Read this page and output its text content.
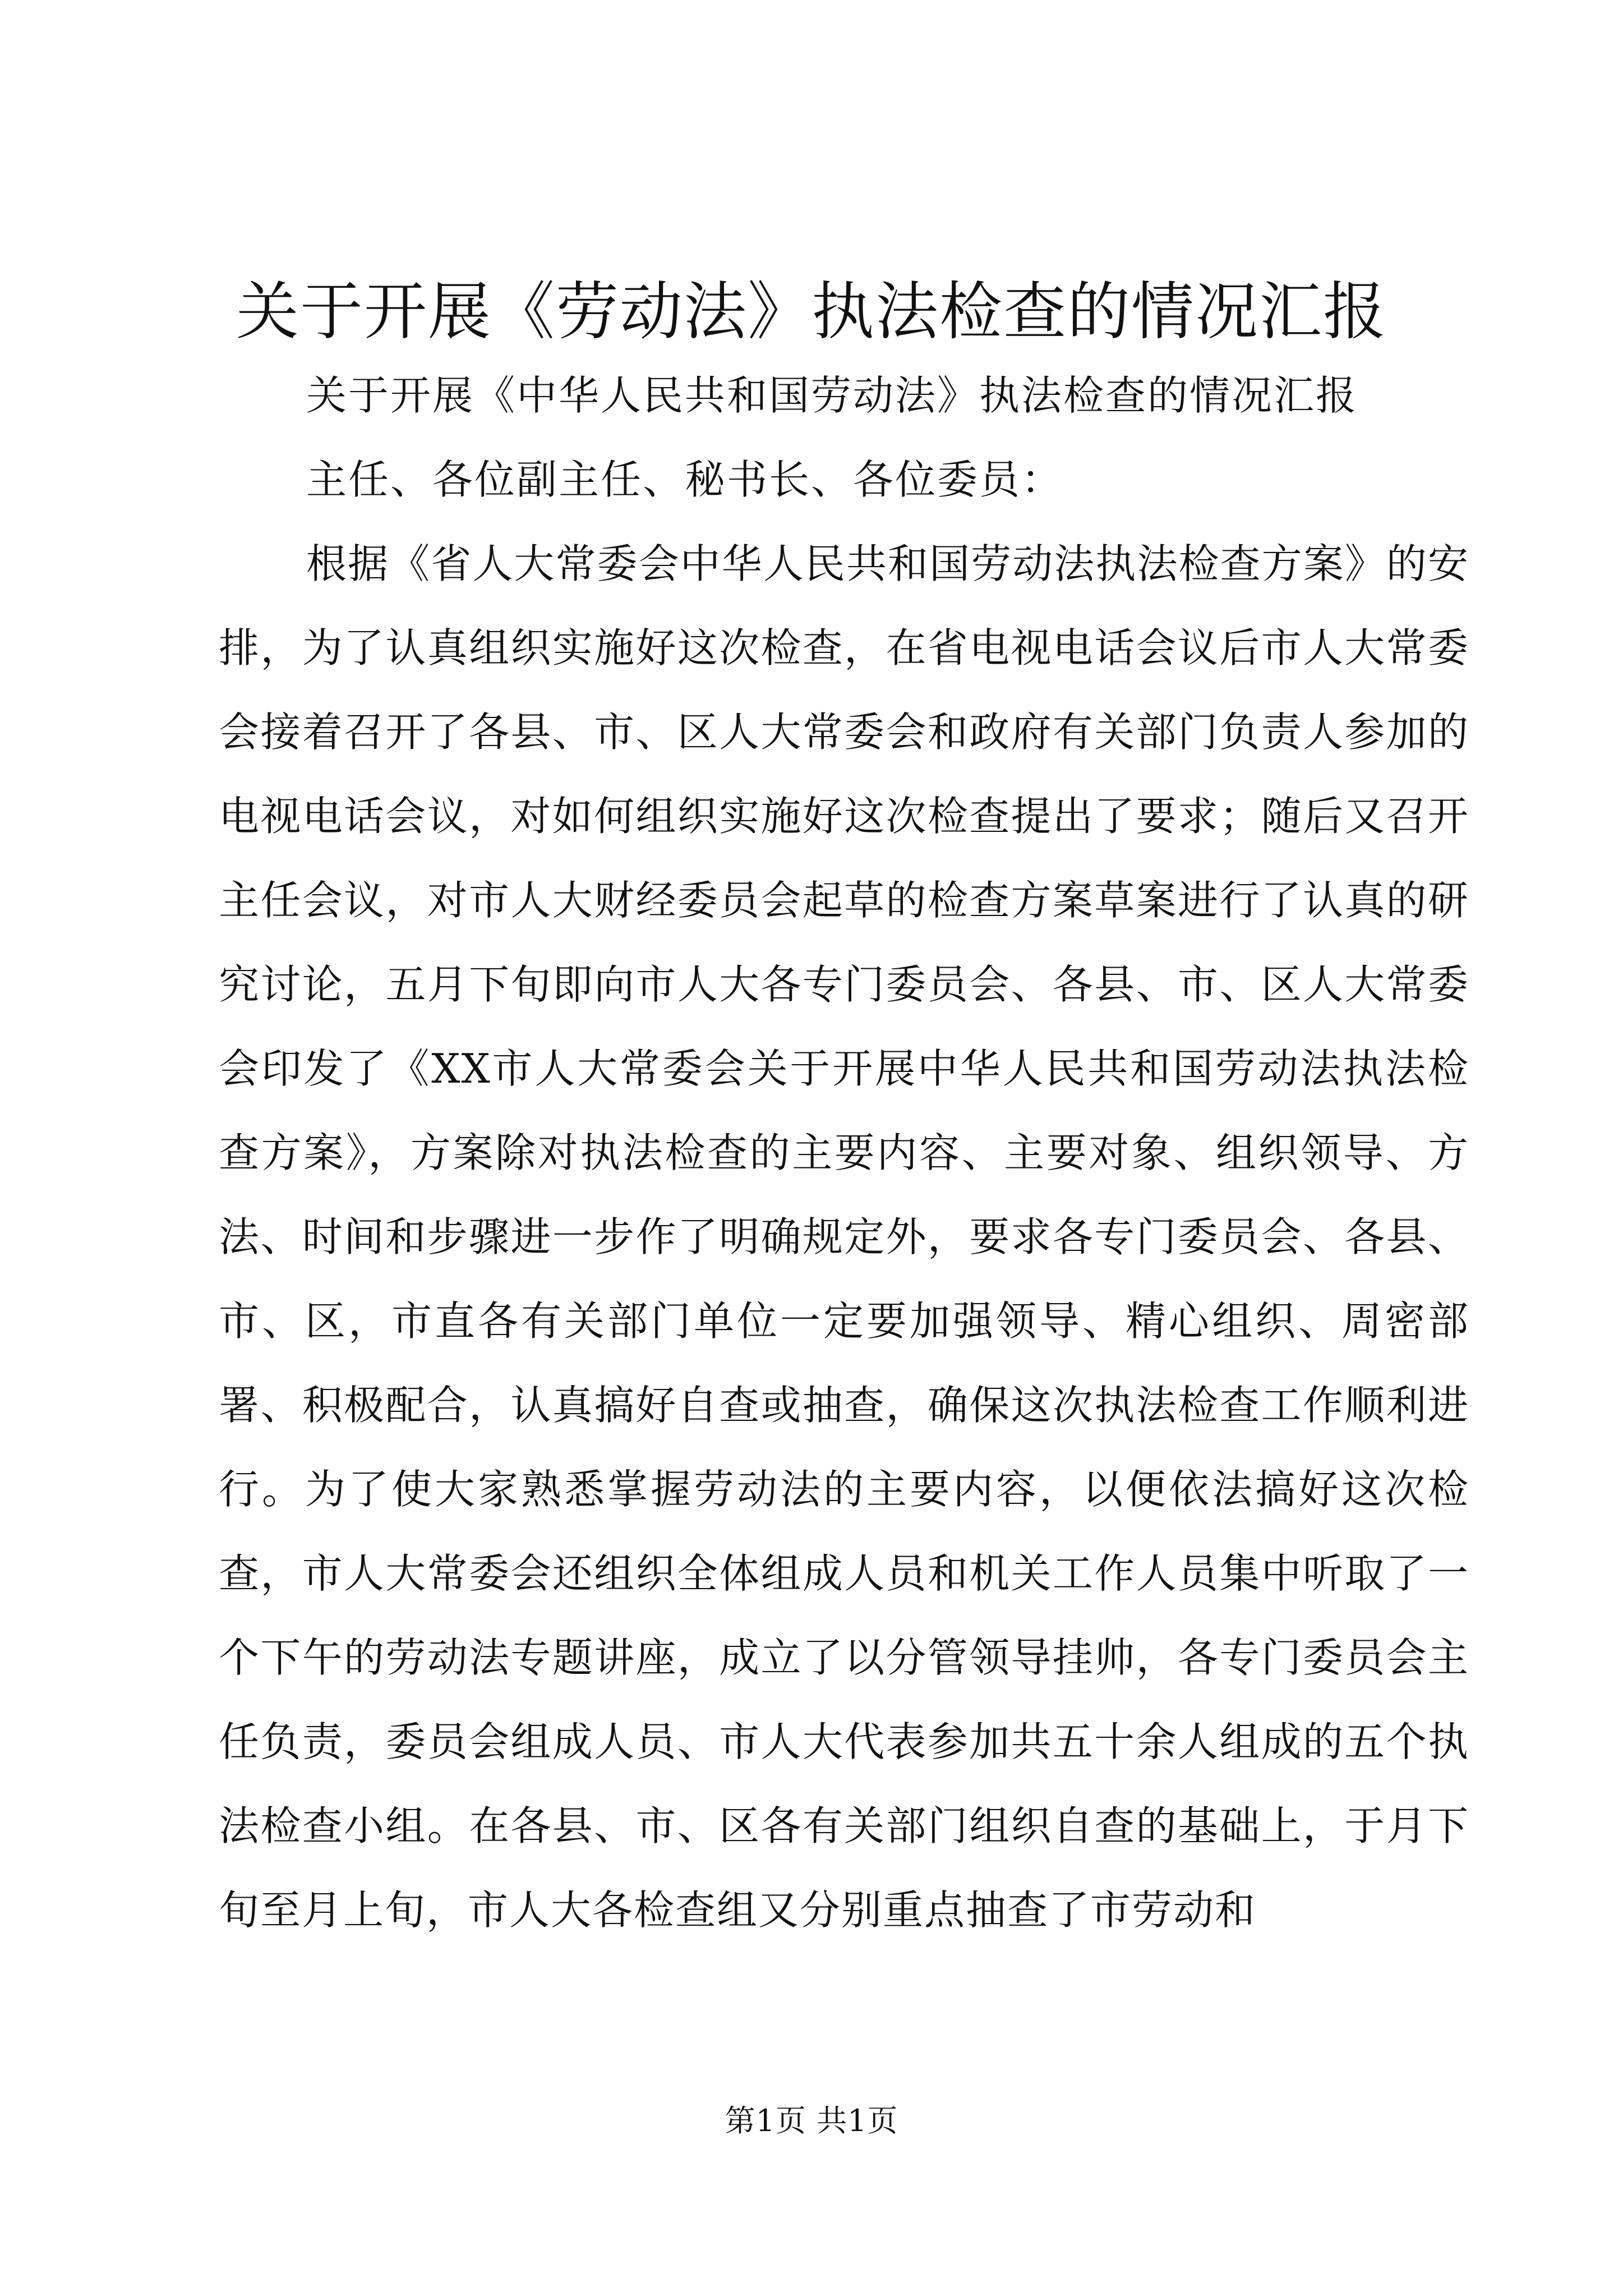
关于开展《劳动法》执法检查的情况汇报

关于开展《中华人民共和国劳动法》执法检查的情况汇报

主任、各位副主任、秘书长、各位委员：

根据《省人大常委会中华人民共和国劳动法执法检查方案》的安排，为了认真组织实施好这次检查，在省电视电话会议后市人大常委会接着召开了各县、市、区人大常委会和政府有关部门负责人参加的电视电话会议，对如何组织实施好这次检查提出了要求；随后又召开主任会议，对市人大财经委员会起草的检查方案草案进行了认真的研究讨论，五月下旬即向市人大各专门委员会、各县、市、区人大常委会印发了《XX市人大常委会关于开展中华人民共和国劳动法执法检查方案》，方案除对执法检查的主要内容、主要对象、组织领导、方法、时间和步骤进一步作了明确规定外，要求各专门委员会、各县、市、区，市直各有关部门单位一定要加强领导、精心组织、周密部署、积极配合，认真搞好自查或抽查，确保这次执法检查工作顺利进行。为了使大家熟悉掌握劳动法的主要内容，以便依法搞好这次检查，市人大常委会还组织全体组成人员和机关工作人员集中听取了一个下午的劳动法专题讲座，成立了以分管领导挂帅，各专门委员会主任负责，委员会组成人员、市人大代表参加共五十余人组成的五个执法检查小组。在各县、市、区各有关部门组织自查的基础上，于月下旬至月上旬，市人大各检查组又分别重点抽查了市劳动和

第1页 共1页
